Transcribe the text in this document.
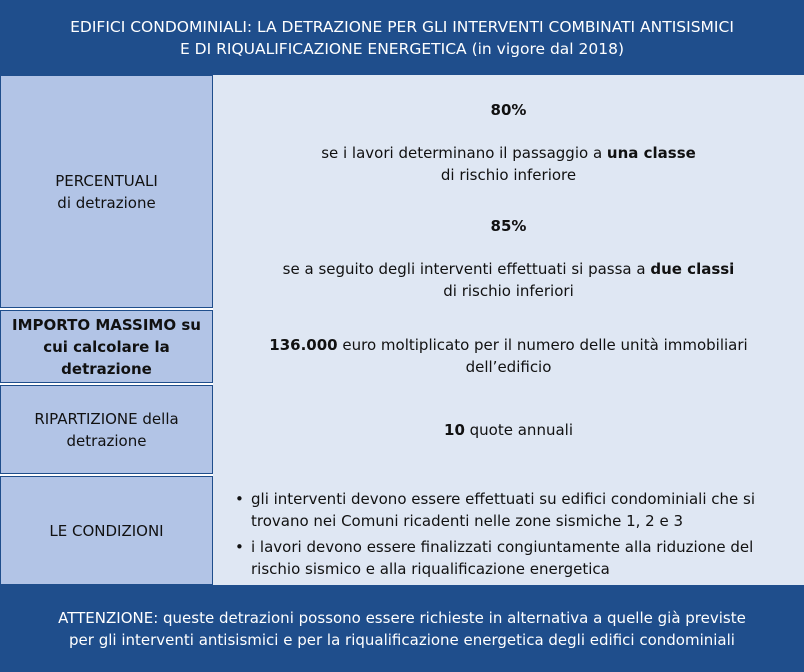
EDIFICI CONDOMINIALI: LA DETRAZIONE PER GLI INTERVENTI COMBINATI ANTISISMICI
E DI RIQUALIFICAZIONE ENERGETICA (in vigore dal 2018)
PERCENTUALI
di detrazione
80%
se i lavori determinano il passaggio a una classe
di rischio inferiore
85%
se a seguito degli interventi effettuati si passa a due classi
di rischio inferiori
IMPORTO MASSIMO su
cui calcolare la detrazione
136.000 euro moltiplicato per il numero delle unità immobiliari
dell’edificio
RIPARTIZIONE della
detrazione
10 quote annuali
LE CONDIZIONI
• gli interventi devono essere effettuati su edifici condominiali che si
trovano nei Comuni ricadenti nelle zone sismiche 1, 2 e 3
• i lavori devono essere finalizzati congiuntamente alla riduzione del
rischio sismico e alla riqualificazione energetica
ATTENZIONE: queste detrazioni possono essere richieste in alternativa a quelle già previste
per gli interventi antisismici e per la riqualificazione energetica degli edifici condominiali
